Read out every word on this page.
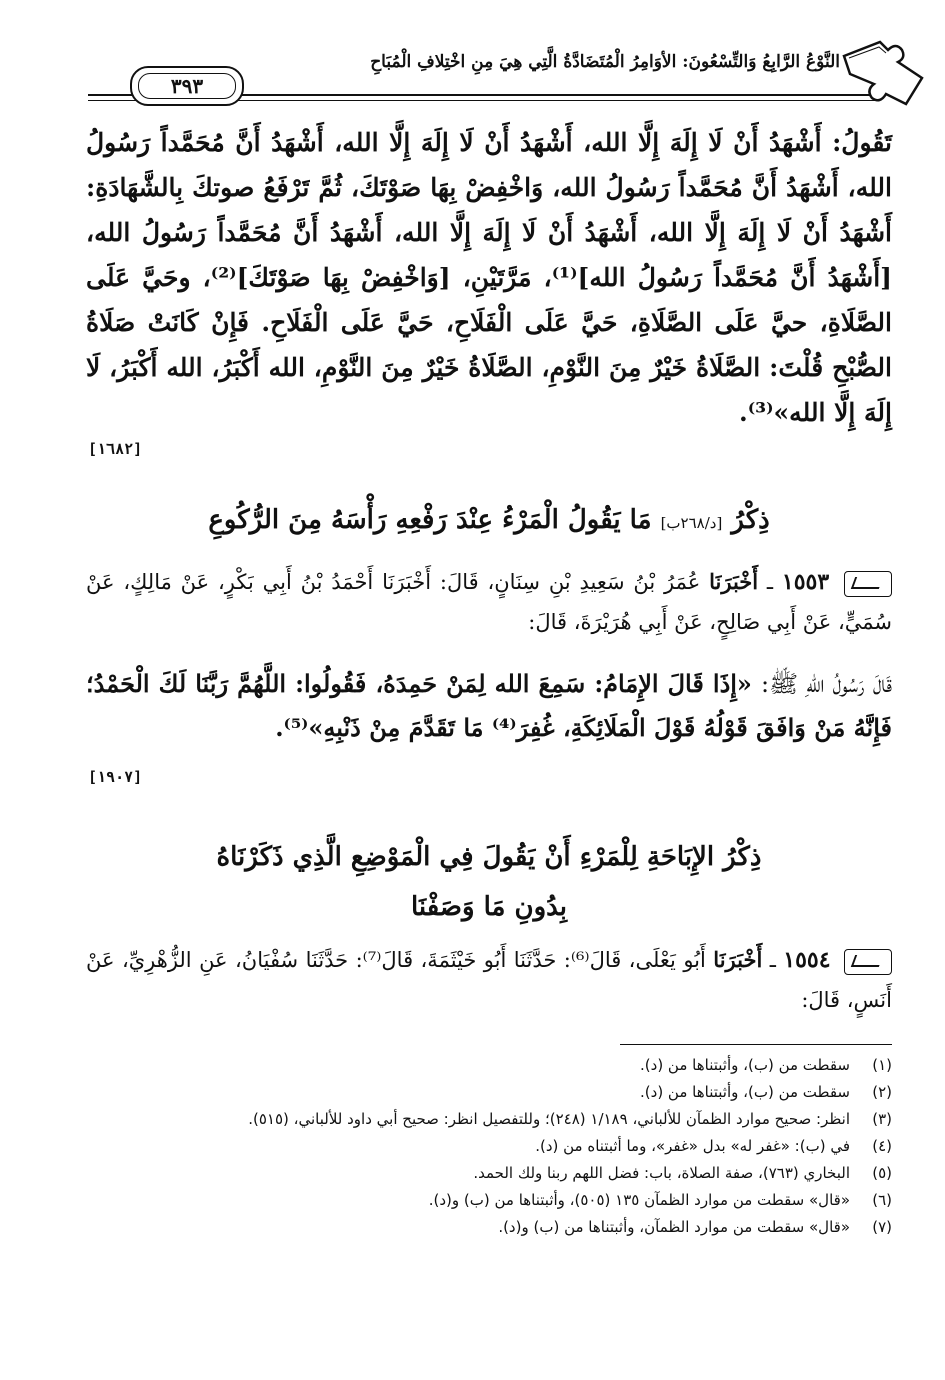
النَّوْعُ الرَّابِعُ وَالتِّسْعُونَ: الأوَامِرُ الْمُتَضَادَّةُ الَّتِي هِيَ مِنِ اخْتِلافِ الْمُبَاحِ
٣٩٣
تَقُولُ: أَشْهَدُ أَنْ لَا إِلَهَ إِلَّا الله، أَشْهَدُ أَنْ لَا إِلَهَ إِلَّا الله، أَشْهَدُ أَنَّ مُحَمَّداً رَسُولُ الله، أَشْهَدُ أَنَّ مُحَمَّداً رَسُولُ الله، وَاخْفِضْ بِهَا صَوْتَكَ، ثُمَّ تَرْفَعُ صوتكَ بِالشَّهَادَةِ: أَشْهَدُ أَنْ لَا إِلَهَ إِلَّا الله، أَشْهَدُ أَنْ لَا إِلَهَ إِلَّا الله، أَشْهَدُ أَنَّ مُحَمَّداً رَسُولُ الله، [أَشْهَدُ أَنَّ مُحَمَّداً رَسُولُ الله]⁽¹⁾، مَرَّتَيْنِ، [وَاخْفِضْ بِهَا صَوْتَكَ]⁽²⁾، وحَيَّ عَلَى الصَّلَاةِ، حيَّ عَلَى الصَّلَاةِ، حَيَّ عَلَى الْفَلَاحِ، حَيَّ عَلَى الْفَلَاحِ. فَإِنْ كَانَتْ صَلَاةُ الصُّبْحِ قُلْتَ: الصَّلَاةُ خَيْرٌ مِنَ النَّوْمِ، الصَّلَاةُ خَيْرٌ مِنَ النَّوْمِ، الله أَكْبَرُ، الله أَكْبَرُ، لَا إِلَهَ إِلَّا الله»⁽³⁾.
[١٦٨٢]
ذِكْرُ [د/٢٦٨ب] مَا يَقُولُ الْمَرْءُ عِنْدَ رَفْعِهِ رَأْسَهُ مِنَ الرُّكُوعِ
١٥٥٣ ـ أَخْبَرَنَا عُمَرُ بْنُ سَعِيدِ بْنِ سِنَانٍ، قَالَ: أَخْبَرَنَا أَحْمَدُ بْنُ أَبِي بَكْرٍ، عَنْ مَالِكٍ، عَنْ سُمَيٍّ، عَنْ أَبِي صَالِحٍ، عَنْ أَبِي هُرَيْرَةَ، قَالَ:
قَالَ رَسُولُ اللهِ ﷺ: «إِذَا قَالَ الإِمَامُ: سَمِعَ الله لِمَنْ حَمِدَهُ، فَقُولُوا: اللَّهُمَّ رَبَّنَا لَكَ الْحَمْدُ؛ فَإِنَّهُ مَنْ وَافَقَ قَوْلُهُ قَوْلَ الْمَلَائِكَةِ، غُفِرَ⁽⁴⁾ مَا تَقَدَّمَ مِنْ ذَنْبِهِ»⁽⁵⁾.
[١٩٠٧]
ذِكْرُ الإِبَاحَةِ لِلْمَرْءِ أَنْ يَقُولَ فِي الْمَوْضِعِ الَّذِي ذَكَرْنَاهُ
بِدُونِ مَا وَصَفْنَا
١٥٥٤ ـ أَخْبَرَنَا أَبُو يَعْلَى، قَالَ⁽⁶⁾: حَدَّثَنَا أَبُو خَيْثَمَةَ، قَالَ⁽⁷⁾: حَدَّثَنَا سُفْيَانُ، عَنِ الزُّهْرِيِّ، عَنْ أَنَسٍ، قَالَ:
(١)
سقطت من (ب)، وأثبتناها من (د).
(٢)
سقطت من (ب)، وأثبتناها من (د).
(٣)
انظر: صحيح موارد الظمآن للألباني، ١/١٨٩ (٢٤٨)؛ وللتفصيل انظر: صحيح أبي داود للألباني، (٥١٥).
(٤)
في (ب): «غفر له» بدل «غفر»، وما أثبتناه من (د).
(٥)
البخاري (٧٦٣)، صفة الصلاة، باب: فضل اللهم ربنا ولك الحمد.
(٦)
«قال» سقطت من موارد الظمآن ١٣٥ (٥٠٥)، وأثبتناها من (ب) و(د).
(٧)
«قال» سقطت من موارد الظمآن، وأثبتناها من (ب) و(د).
